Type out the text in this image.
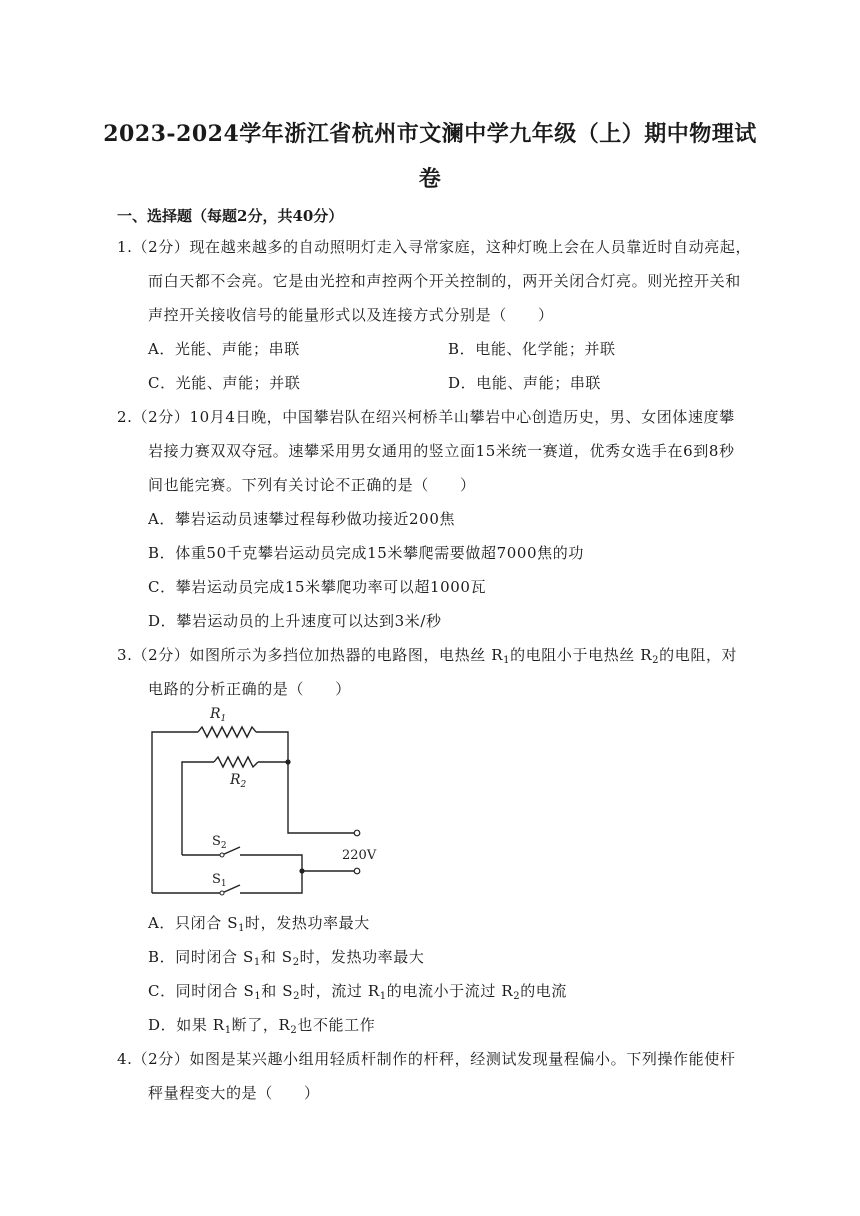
2023-2024学年浙江省杭州市文澜中学九年级（上）期中物理试
卷
一、选择题（每题2分，共40分）
1.（2分）现在越来越多的自动照明灯走入寻常家庭，这种灯晚上会在人员靠近时自动亮起，
而白天都不会亮。它是由光控和声控两个开关控制的，两开关闭合灯亮。则光控开关和
声控开关接收信号的能量形式以及连接方式分别是（　　）
A．光能、声能；串联	B．电能、化学能；并联
C．光能、声能；并联	D．电能、声能；串联
2.（2分）10月4日晚，中国攀岩队在绍兴柯桥羊山攀岩中心创造历史，男、女团体速度攀
岩接力赛双双夺冠。速攀采用男女通用的竖立面15米统一赛道，优秀女选手在6到8秒
间也能完赛。下列有关讨论不正确的是（　　）
A．攀岩运动员速攀过程每秒做功接近200焦
B．体重50千克攀岩运动员完成15米攀爬需要做超7000焦的功
C．攀岩运动员完成15米攀爬功率可以超1000瓦
D．攀岩运动员的上升速度可以达到3米/秒
3.（2分）如图所示为多挡位加热器的电路图，电热丝 $R_1$的电阻小于电热丝 $R_2$的电阻，对
电路的分析正确的是（　　）
$R_1$
$R_2$
$S_2$
$S_1$
220V
A．只闭合 $S_1$时，发热功率最大
B．同时闭合 $S_1$和 $S_2$时，发热功率最大
C．同时闭合 $S_1$和 $S_2$时，流过 $R_1$的电流小于流过 $R_2$的电流
D．如果 $R_1$断了，$R_2$也不能工作
4.（2分）如图是某兴趣小组用轻质杆制作的杆秤，经测试发现量程偏小。下列操作能使杆
秤量程变大的是（　　）
